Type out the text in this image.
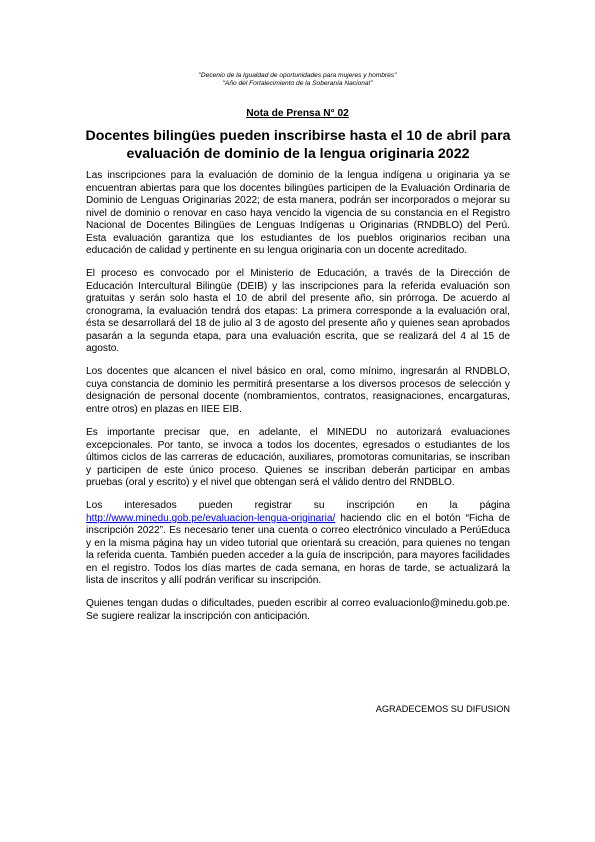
"Decenio de la Igualdad de oportunidades para mujeres y hombres"
"Año del Fortalecimiento de la Soberanía Nacional"
Nota de Prensa N° 02
Docentes bilingües pueden inscribirse hasta el 10 de abril para evaluación de dominio de la lengua originaria 2022

Las inscripciones para la evaluación de dominio de la lengua indígena u originaria ya se encuentran abiertas para que los docentes bilingües participen de la Evaluación Ordinaria de Dominio de Lenguas Originarias 2022; de esta manera, podrán ser incorporados o mejorar su nivel de dominio o renovar en caso haya vencido la vigencia de su constancia en el Registro Nacional de Docentes Bilingües de Lenguas Indígenas u Originarias (RNDBLO) del Perú. Esta evaluación garantiza que los estudiantes de los pueblos originarios reciban una educación de calidad y pertinente en su lengua originaria con un docente acreditado.

El proceso es convocado por el Ministerio de Educación, a través de la Dirección de Educación Intercultural Bilingüe (DEIB) y las inscripciones para la referida evaluación son gratuitas y serán solo hasta el 10 de abril del presente año, sin prórroga. De acuerdo al cronograma, la evaluación tendrá dos etapas: La primera corresponde a la evaluación oral, ésta se desarrollará del 18 de julio al 3 de agosto del presente año y quienes sean aprobados pasarán a la segunda etapa, para una evaluación escrita, que se realizará del 4 al 15 de agosto.

Los docentes que alcancen el nivel básico en oral, como mínimo, ingresarán al RNDBLO, cuya constancia de dominio les permitirá presentarse a los diversos procesos de selección y designación de personal docente (nombramientos, contratos, reasignaciones, encargaturas, entre otros) en plazas en IIEE EIB.

Es importante precisar que, en adelante, el MINEDU no autorizará evaluaciones excepcionales. Por tanto, se invoca a todos los docentes, egresados o estudiantes de los últimos ciclos de las carreras de educación, auxiliares, promotoras comunitarias, se inscriban y participen de este único proceso. Quienes se inscriban deberán participar en ambas pruebas (oral y escrito) y el nivel que obtengan será el válido dentro del RNDBLO.

Los interesados pueden registrar su inscripción en la página http://www.minedu.gob.pe/evaluacion-lengua-originaria/ haciendo clic en el botón “Ficha de inscripción 2022”. Es necesario tener una cuenta o correo electrónico vinculado a PerúEduca y en la misma página hay un video tutorial que orientará su creación, para quienes no tengan la referida cuenta. También pueden acceder a la guía de inscripción, para mayores facilidades en el registro. Todos los días martes de cada semana, en horas de tarde, se actualizará la lista de inscritos y allí podrán verificar su inscripción.

Quienes tengan dudas o dificultades, pueden escribir al correo evaluacionlo@minedu.gob.pe. Se sugiere realizar la inscripción con anticipación.

AGRADECEMOS SU DIFUSION
